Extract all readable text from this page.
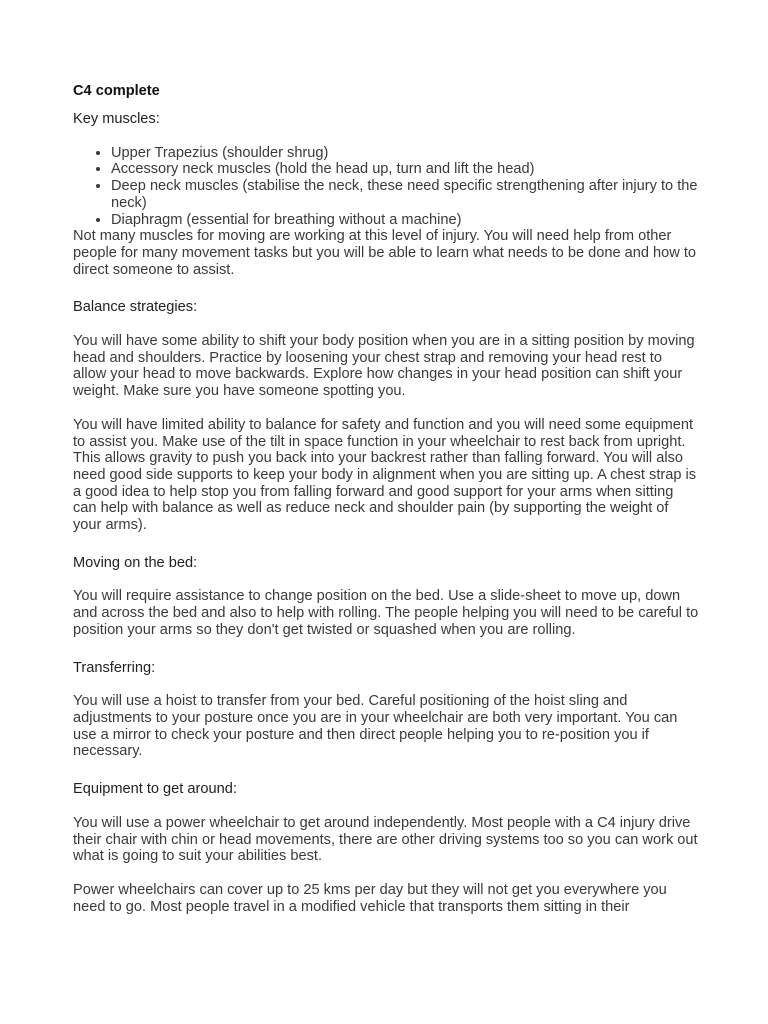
C4 complete

Key muscles:

• Upper Trapezius (shoulder shrug)
• Accessory neck muscles (hold the head up, turn and lift the head)
• Deep neck muscles (stabilise the neck, these need specific strengthening after injury to the neck)
• Diaphragm (essential for breathing without a machine)

Not many muscles for moving are working at this level of injury. You will need help from other people for many movement tasks but you will be able to learn what needs to be done and how to direct someone to assist.

Balance strategies:

You will have some ability to shift your body position when you are in a sitting position by moving head and shoulders. Practice by loosening your chest strap and removing your head rest to allow your head to move backwards. Explore how changes in your head position can shift your weight. Make sure you have someone spotting you.

You will have limited ability to balance for safety and function and you will need some equipment to assist you. Make use of the tilt in space function in your wheelchair to rest back from upright. This allows gravity to push you back into your backrest rather than falling forward. You will also need good side supports to keep your body in alignment when you are sitting up. A chest strap is a good idea to help stop you from falling forward and good support for your arms when sitting can help with balance as well as reduce neck and shoulder pain (by supporting the weight of your arms).

Moving on the bed:

You will require assistance to change position on the bed. Use a slide-sheet to move up, down and across the bed and also to help with rolling. The people helping you will need to be careful to position your arms so they don't get twisted or squashed when you are rolling.

Transferring:

You will use a hoist to transfer from your bed. Careful positioning of the hoist sling and adjustments to your posture once you are in your wheelchair are both very important. You can use a mirror to check your posture and then direct people helping you to re-position you if necessary.

Equipment to get around:

You will use a power wheelchair to get around independently. Most people with a C4 injury drive their chair with chin or head movements, there are other driving systems too so you can work out what is going to suit your abilities best.

Power wheelchairs can cover up to 25 kms per day but they will not get you everywhere you need to go. Most people travel in a modified vehicle that transports them sitting in their
